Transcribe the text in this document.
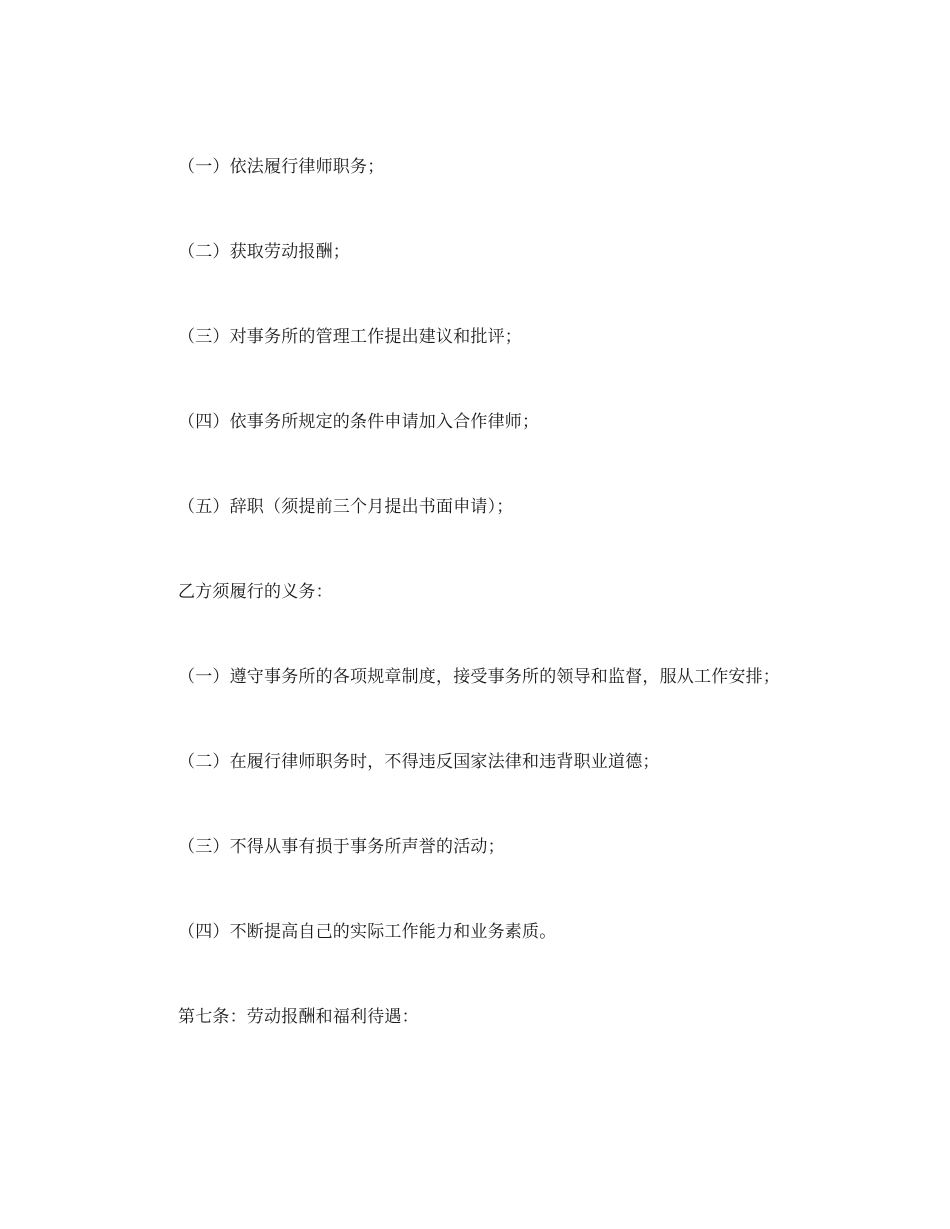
（一）依法履行律师职务；
（二）获取劳动报酬；
（三）对事务所的管理工作提出建议和批评；
（四）依事务所规定的条件申请加入合作律师；
（五）辞职（须提前三个月提出书面申请）；
乙方须履行的义务：
（一）遵守事务所的各项规章制度，接受事务所的领导和监督，服从工作安排；
（二）在履行律师职务时，不得违反国家法律和违背职业道德；
（三）不得从事有损于事务所声誉的活动；
（四）不断提高自己的实际工作能力和业务素质。
第七条：劳动报酬和福利待遇：
